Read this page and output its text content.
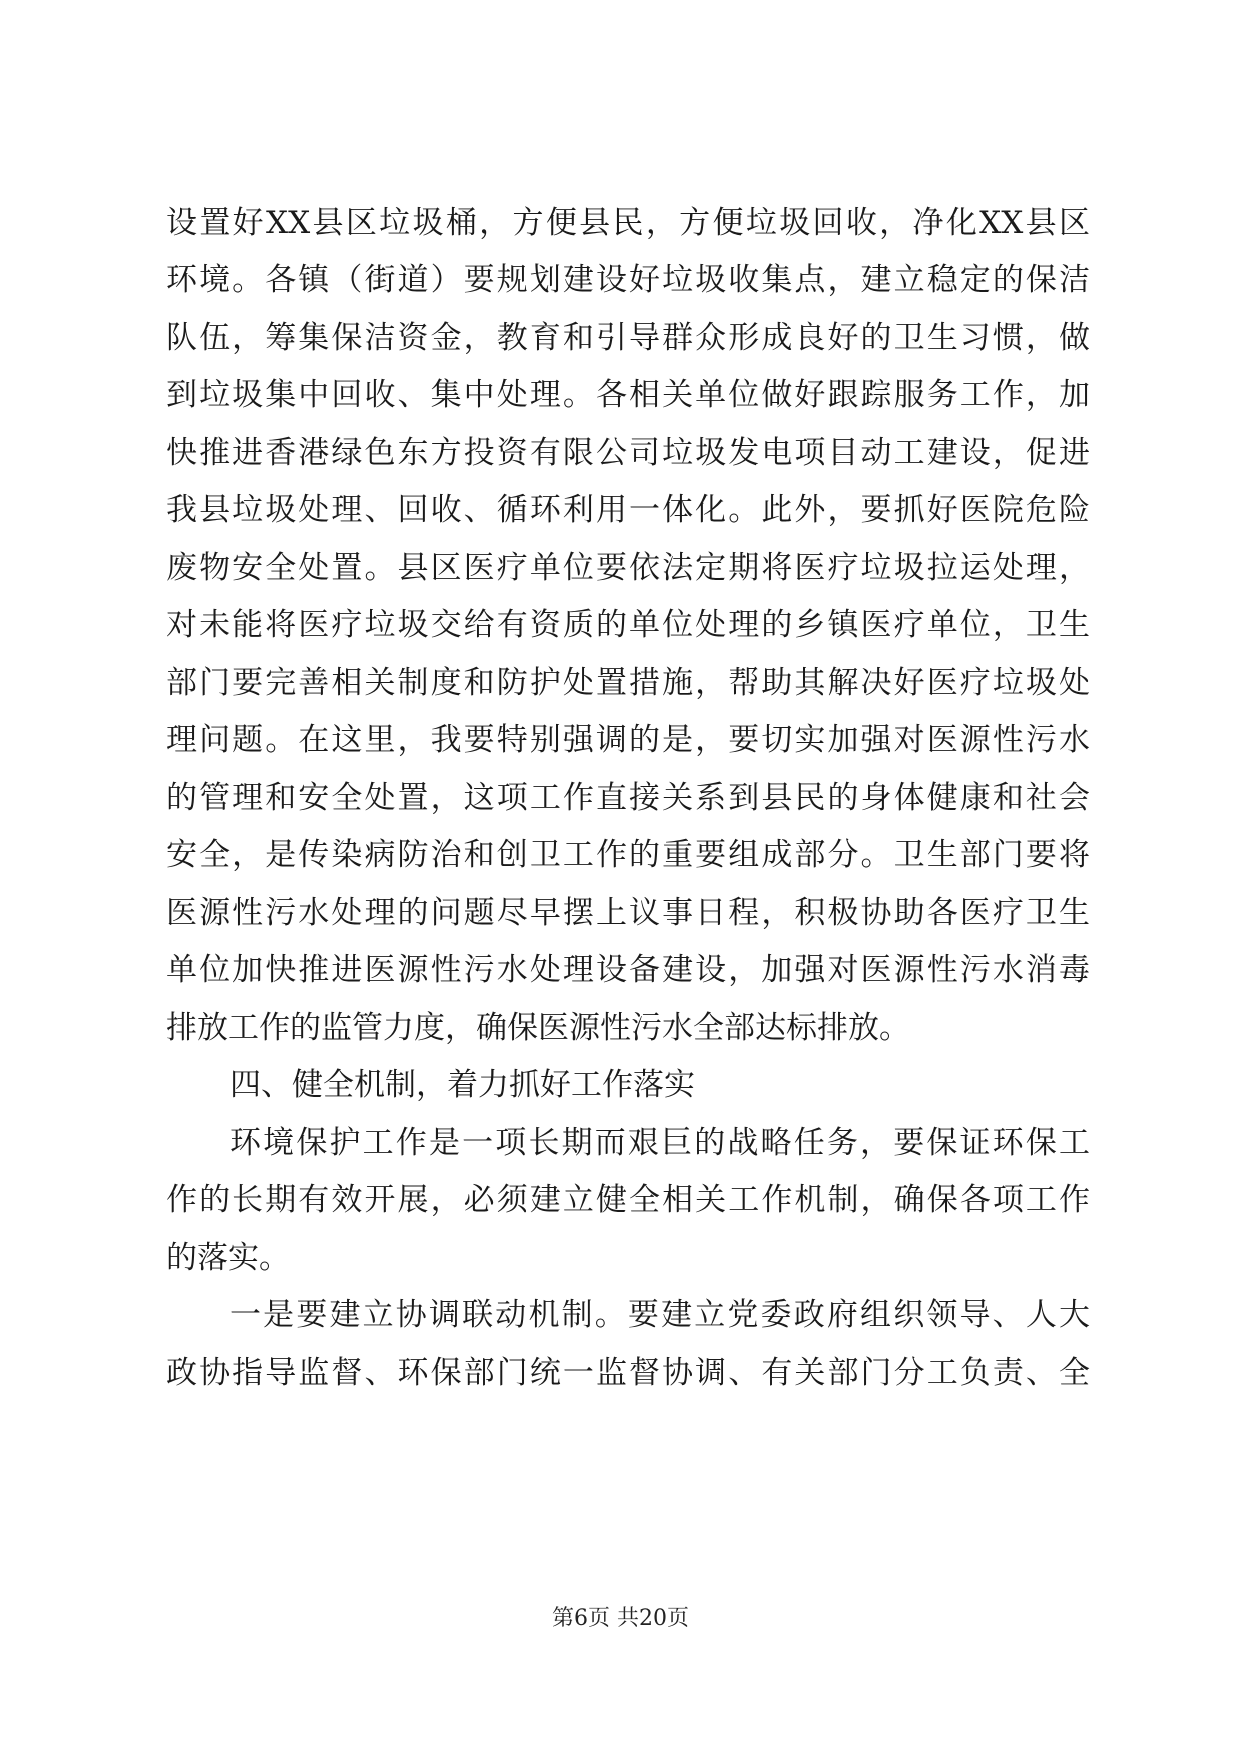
设置好XX县区垃圾桶，方便县民，方便垃圾回收，净化XX县区
环境。各镇（街道）要规划建设好垃圾收集点，建立稳定的保洁
队伍，筹集保洁资金，教育和引导群众形成良好的卫生习惯，做
到垃圾集中回收、集中处理。各相关单位做好跟踪服务工作，加
快推进香港绿色东方投资有限公司垃圾发电项目动工建设，促进
我县垃圾处理、回收、循环利用一体化。此外，要抓好医院危险
废物安全处置。县区医疗单位要依法定期将医疗垃圾拉运处理，
对未能将医疗垃圾交给有资质的单位处理的乡镇医疗单位，卫生
部门要完善相关制度和防护处置措施，帮助其解决好医疗垃圾处
理问题。在这里，我要特别强调的是，要切实加强对医源性污水
的管理和安全处置，这项工作直接关系到县民的身体健康和社会
安全，是传染病防治和创卫工作的重要组成部分。卫生部门要将
医源性污水处理的问题尽早摆上议事日程，积极协助各医疗卫生
单位加快推进医源性污水处理设备建设，加强对医源性污水消毒
排放工作的监管力度，确保医源性污水全部达标排放。
四、健全机制，着力抓好工作落实
环境保护工作是一项长期而艰巨的战略任务，要保证环保工
作的长期有效开展，必须建立健全相关工作机制，确保各项工作
的落实。
一是要建立协调联动机制。要建立党委政府组织领导、人大
政协指导监督、环保部门统一监督协调、有关部门分工负责、全
第6页 共20页
